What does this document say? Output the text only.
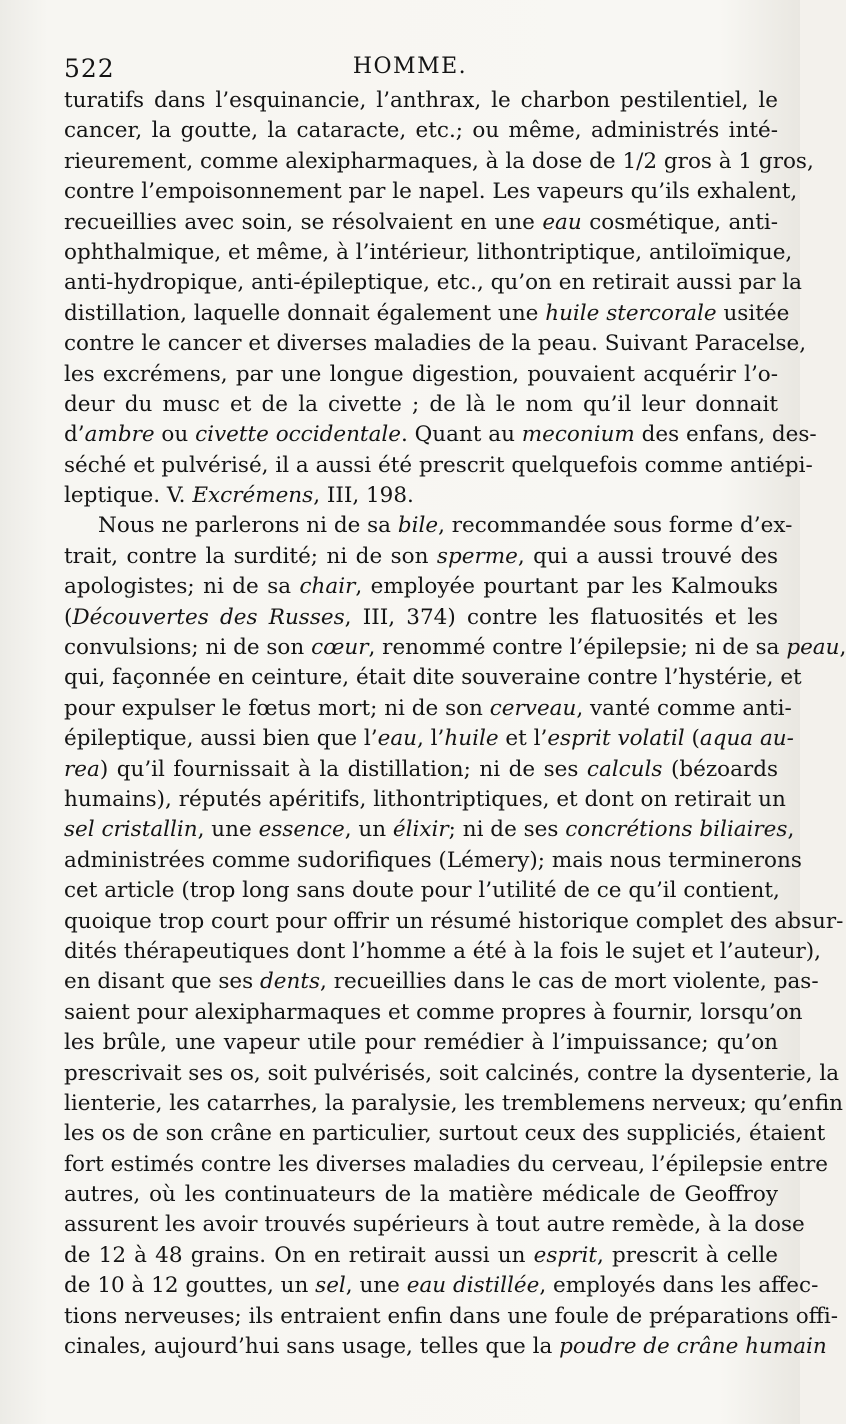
522	HOMME.
turatifs dans l’esquinancie, l’anthrax, le charbon pestilentiel, le
cancer, la goutte, la cataracte, etc.; ou même, administrés inté-
rieurement, comme alexipharmaques, à la dose de 1/2 gros à 1 gros,
contre l’empoisonnement par le napel. Les vapeurs qu’ils exhalent,
recueillies avec soin, se résolvaient en une eau cosmétique, anti-
ophthalmique, et même, à l’intérieur, lithontriptique, antiloïmique,
anti-hydropique, anti-épileptique, etc., qu’on en retirait aussi par la
distillation, laquelle donnait également une huile stercorale usitée
contre le cancer et diverses maladies de la peau. Suivant Paracelse,
les excrémens, par une longue digestion, pouvaient acquérir l’o-
deur du musc et de la civette ; de là le nom qu’il leur donnait
d’ambre ou civette occidentale. Quant au meconium des enfans, des-
séché et pulvérisé, il a aussi été prescrit quelquefois comme antiépi-
leptique. V. Excrémens, III, 198.
Nous ne parlerons ni de sa bile, recommandée sous forme d’ex-
trait, contre la surdité; ni de son sperme, qui a aussi trouvé des
apologistes; ni de sa chair, employée pourtant par les Kalmouks
(Découvertes des Russes, III, 374) contre les flatuosités et les
convulsions; ni de son cœur, renommé contre l’épilepsie; ni de sa peau,
qui, façonnée en ceinture, était dite souveraine contre l’hystérie, et
pour expulser le fœtus mort; ni de son cerveau, vanté comme anti-
épileptique, aussi bien que l’eau, l’huile et l’esprit volatil (aqua au-
rea) qu’il fournissait à la distillation; ni de ses calculs (bézoards
humains), réputés apéritifs, lithontriptiques, et dont on retirait un
sel cristallin, une essence, un élixir; ni de ses concrétions biliaires,
administrées comme sudorifiques (Lémery); mais nous terminerons
cet article (trop long sans doute pour l’utilité de ce qu’il contient,
quoique trop court pour offrir un résumé historique complet des absur-
dités thérapeutiques dont l’homme a été à la fois le sujet et l’auteur),
en disant que ses dents, recueillies dans le cas de mort violente, pas-
saient pour alexipharmaques et comme propres à fournir, lorsqu’on
les brûle, une vapeur utile pour remédier à l’impuissance; qu’on
prescrivait ses os, soit pulvérisés, soit calcinés, contre la dysenterie, la
lienterie, les catarrhes, la paralysie, les tremblemens nerveux; qu’enfin
les os de son crâne en particulier, surtout ceux des suppliciés, étaient
fort estimés contre les diverses maladies du cerveau, l’épilepsie entre
autres, où les continuateurs de la matière médicale de Geoffroy
assurent les avoir trouvés supérieurs à tout autre remède, à la dose
de 12 à 48 grains. On en retirait aussi un esprit, prescrit à celle
de 10 à 12 gouttes, un sel, une eau distillée, employés dans les affec-
tions nerveuses; ils entraient enfin dans une foule de préparations offi-
cinales, aujourd’hui sans usage, telles que la poudre de crâne humain
